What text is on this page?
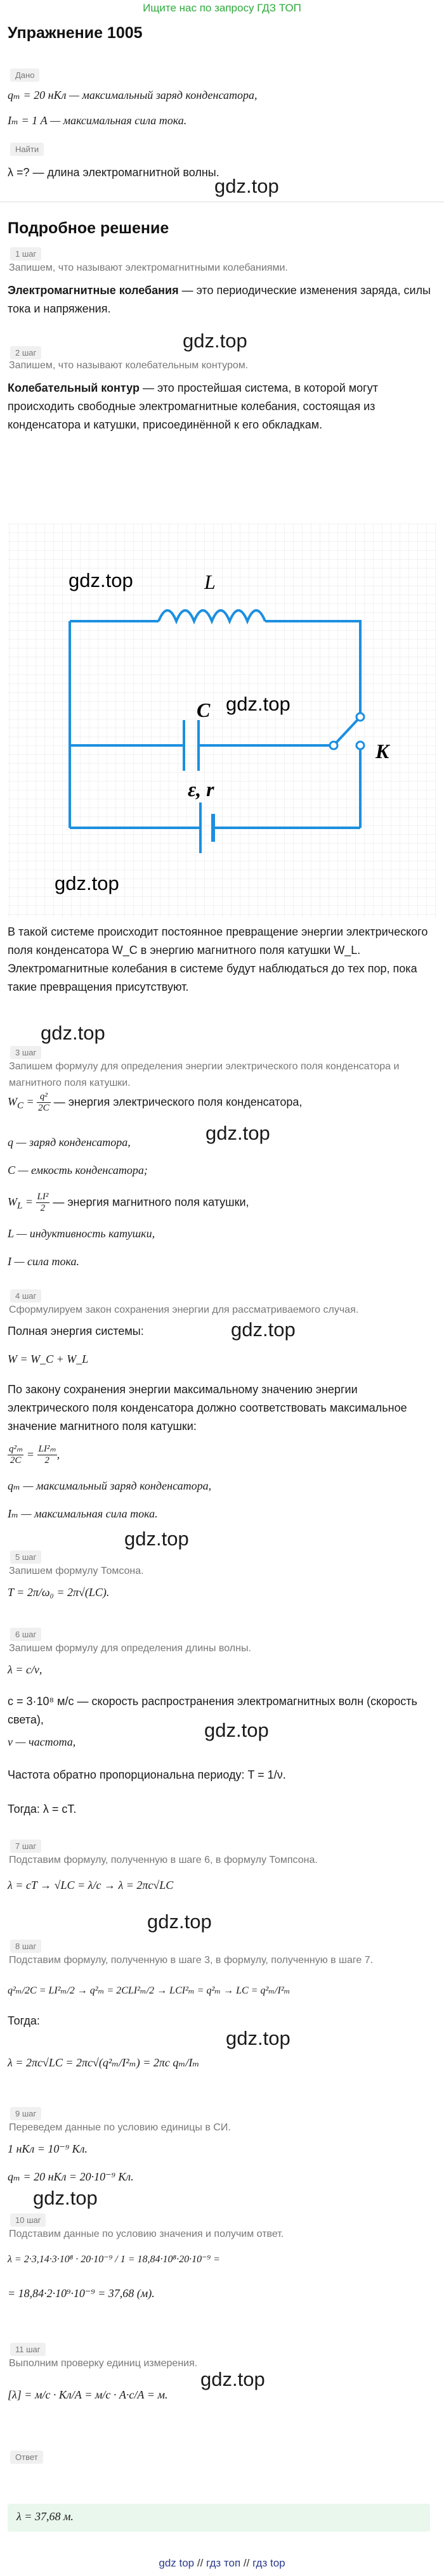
Ищите нас по запросу ГДЗ ТОП
Упражнение 1005
Дано
qₘ = 20 нКл — максимальный заряд конденсатора,
Iₘ = 1 А — максимальная сила тока.
Найти
λ =? — длина электромагнитной волны.
gdz.top
Подробное решение
1 шаг
Запишем, что называют электромагнитными колебаниями.
Электромагнитные колебания — это периодические изменения заряда, силы тока и напряжения.
gdz.top
2 шаг
Запишем, что называют колебательным контуром.
Колебательный контур — это простейшая система, в которой могут происходить свободные электромагнитные колебания, состоящая из конденсатора и катушки, присоединённой к его обкладкам.
L
C
K
ε, r
gdz.top
gdz.top
gdz.top
В такой системе происходит постоянное превращение энергии электрического поля конденсатора W_C в энергию магнитного поля катушки W_L. Электромагнитные колебания в системе будут наблюдаться до тех пор, пока такие превращения присутствуют.
gdz.top
3 шаг
Запишем формулу для определения энергии электрического поля конденсатора и магнитного поля катушки.
$W_C = \frac{\text{q²}}{2C}$ — энергия электрического поля конденсатора,
gdz.top
q — заряд конденсатора,
C — емкость конденсатора;
$W_L = \frac{\text{LI²}}{2}$ — энергия магнитного поля катушки,
L — индуктивность катушки,
I — сила тока.
4 шаг
Сформулируем закон сохранения энергии для рассматриваемого случая.
gdz.top
Полная энергия системы:
W = W_C + W_L
По закону сохранения энергии максимальному значению энергии электрического поля конденсатора должно соответствовать максимальное значение магнитного поля катушки:
$\frac{\text{q²ₘ}}{2C} = \frac{\text{LI²ₘ}}{2}$ ,
qₘ — максимальный заряд конденсатора,
Iₘ — максимальная сила тока.
gdz.top
5 шаг
Запишем формулу Томсона.
T = 2π/ω₀ = 2π√(LC).
6 шаг
Запишем формулу для определения длины волны.
λ = c/ν,
c = 3·10⁸ м/с — скорость распространения электромагнитных волн (скорость света),	gdz.top
ν — частота,
Частота обратно пропорциональна периоду: T = 1/ν.
Тогда: λ = cT.
7 шаг
Подставим формулу, полученную в шаге 6, в формулу Томпсона.
λ = cT → √LC = λ/c → λ = 2πc√LC
gdz.top
8 шаг
Подставим формулу, полученную в шаге 3, в формулу, полученную в шаге 7.
q²ₘ/2C = LI²ₘ/2 → q²ₘ = 2CLI²ₘ/2 → LCI²ₘ = q²ₘ → LC = q²ₘ/I²ₘ
Тогда:
gdz.top
λ = 2πc√LC = 2πc√(q²ₘ/I²ₘ) = 2πc qₘ/Iₘ
9 шаг
Переведем данные по условию единицы в СИ.
1 нКл = 10⁻⁹ Кл.
qₘ = 20 нКл = 20·10⁻⁹ Кл.
gdz.top
10 шаг
Подставим данные по условию значения и получим ответ.
λ = 2·3,14·3·10⁸ · 20·10⁻⁹ / 1 = 18,84·10⁸·20·10⁻⁹ =
= 18,84·2·10⁹·10⁻⁹ = 37,68 (м).
11 шаг
Выполним проверку единиц измерения.
gdz.top
[λ] = м/с · Кл/А = м/с · А·с/А = м.
Ответ
λ = 37,68 м.
gdz top // гдз топ // гдз top
